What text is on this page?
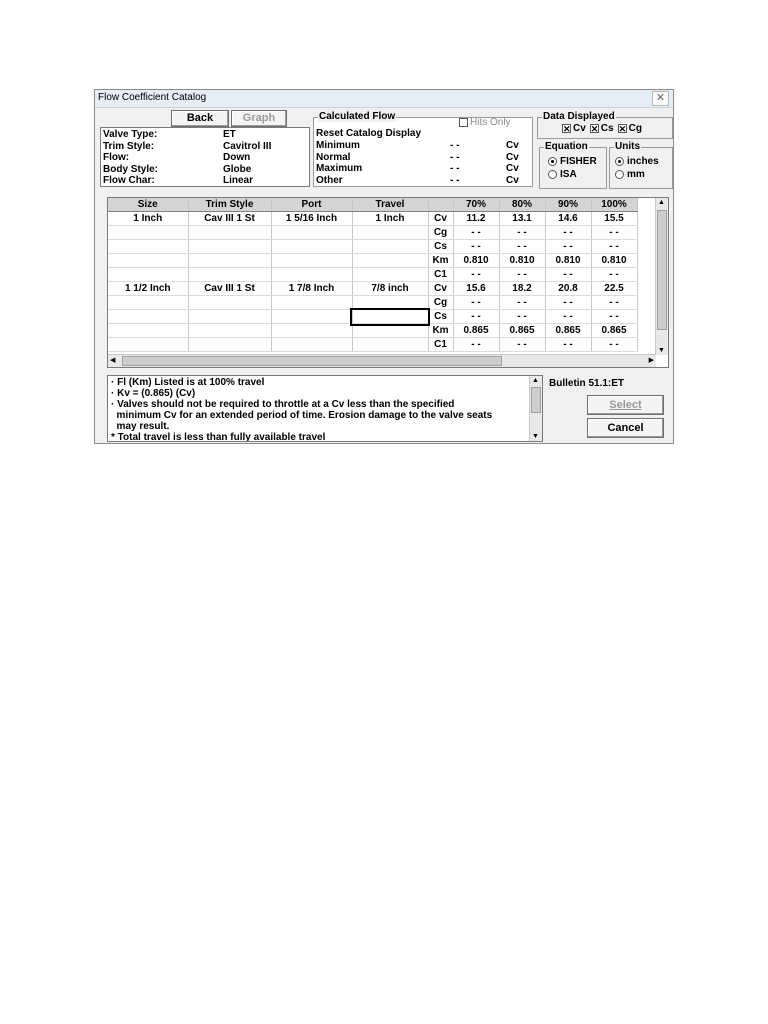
Flow Coefficient Catalog	✕
Back	Graph
Valve Type:	ET
Trim Style:	Cavitrol III
Flow:	Down
Body Style:	Globe
Flow Char:	Linear
Calculated Flow
Hits Only
Reset Catalog Display
Minimum	- -	Cv
Normal	- -	Cv
Maximum	- -	Cv
Other	- -	Cv
Data Displayed
✕ Cv ✕ Cs ✕ Cg
Equation
FISHER
ISA
Units
inches
mm
Size	Trim Style	Port	Travel		70%	80%	90%	100%
1 Inch	Cav III 1 St	1 5/16 Inch	1 Inch	Cv	11.2	13.1	14.6	15.5
				Cg	- -	- -	- -	- -
				Cs	- -	- -	- -	- -
				Km	0.810	0.810	0.810	0.810
				C1	- -	- -	- -	- -
1 1/2 Inch	Cav III 1 St	1 7/8 Inch	7/8 inch	Cv	15.6	18.2	20.8	22.5
				Cg	- -	- -	- -	- -
				Cs	- -	- -	- -	- -
				Km	0.865	0.865	0.865	0.865
				C1	- -	- -	- -	- -
▲
▼
◀	▶
· Fl (Km) Listed is at 100% travel
· Kv = (0.865) (Cv)
· Valves should not be required to throttle at a Cv less than the specified
minimum Cv for an extended period of time. Erosion damage to the valve seats
may result.
* Total travel is less than fully available travel
▲
▼
Bulletin 51.1:ET
Select
Cancel
